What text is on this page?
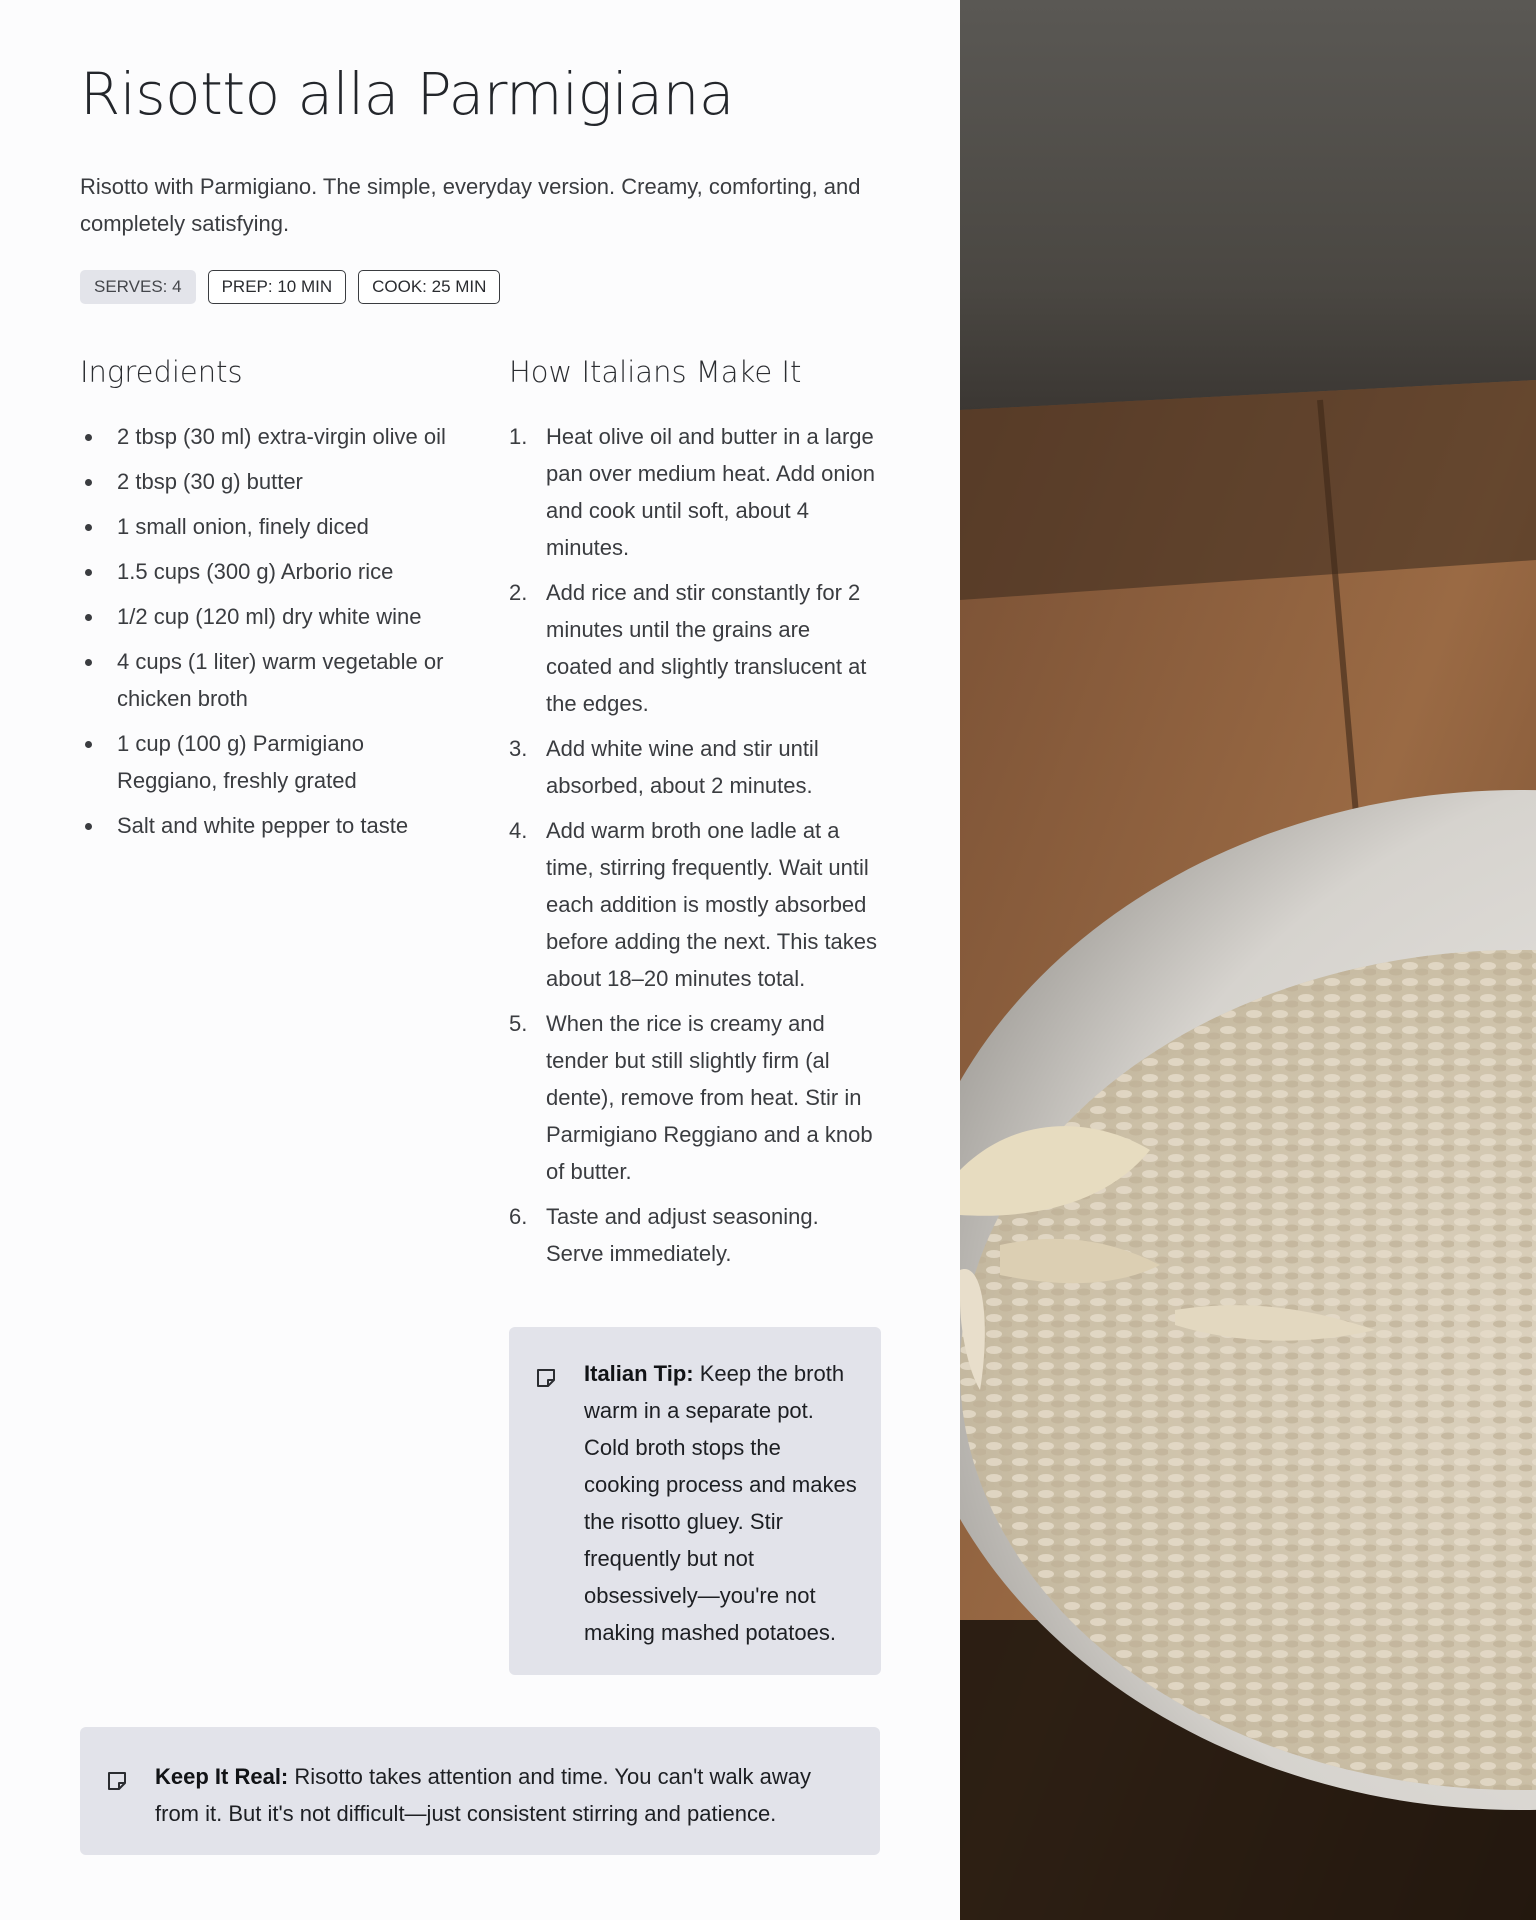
Risotto alla Parmigiana

Risotto with Parmigiano. The simple, everyday version. Creamy, comforting, and completely satisfying.

SERVES: 4	PREP: 10 MIN	COOK: 25 MIN
Ingredients
2 tbsp (30 ml) extra-virgin olive oil
2 tbsp (30 g) butter
1 small onion, finely diced
1.5 cups (300 g) Arborio rice
1/2 cup (120 ml) dry white wine
4 cups (1 liter) warm vegetable or chicken broth
1 cup (100 g) Parmigiano Reggiano, freshly grated
Salt and white pepper to taste
How Italians Make It
1. Heat olive oil and butter in a large pan over medium heat. Add onion and cook until soft, about 4 minutes.
2. Add rice and stir constantly for 2 minutes until the grains are coated and slightly translucent at the edges.
3. Add white wine and stir until absorbed, about 2 minutes.
4. Add warm broth one ladle at a time, stirring frequently. Wait until each addition is mostly absorbed before adding the next. This takes about 18–20 minutes total.
5. When the rice is creamy and tender but still slightly firm (al dente), remove from heat. Stir in Parmigiano Reggiano and a knob of butter.
6. Taste and adjust seasoning. Serve immediately.

Italian Tip: Keep the broth warm in a separate pot. Cold broth stops the cooking process and makes the risotto gluey. Stir frequently but not obsessively—you're not making mashed potatoes.

Keep It Real: Risotto takes attention and time. You can't walk away from it. But it's not difficult—just consistent stirring and patience.
